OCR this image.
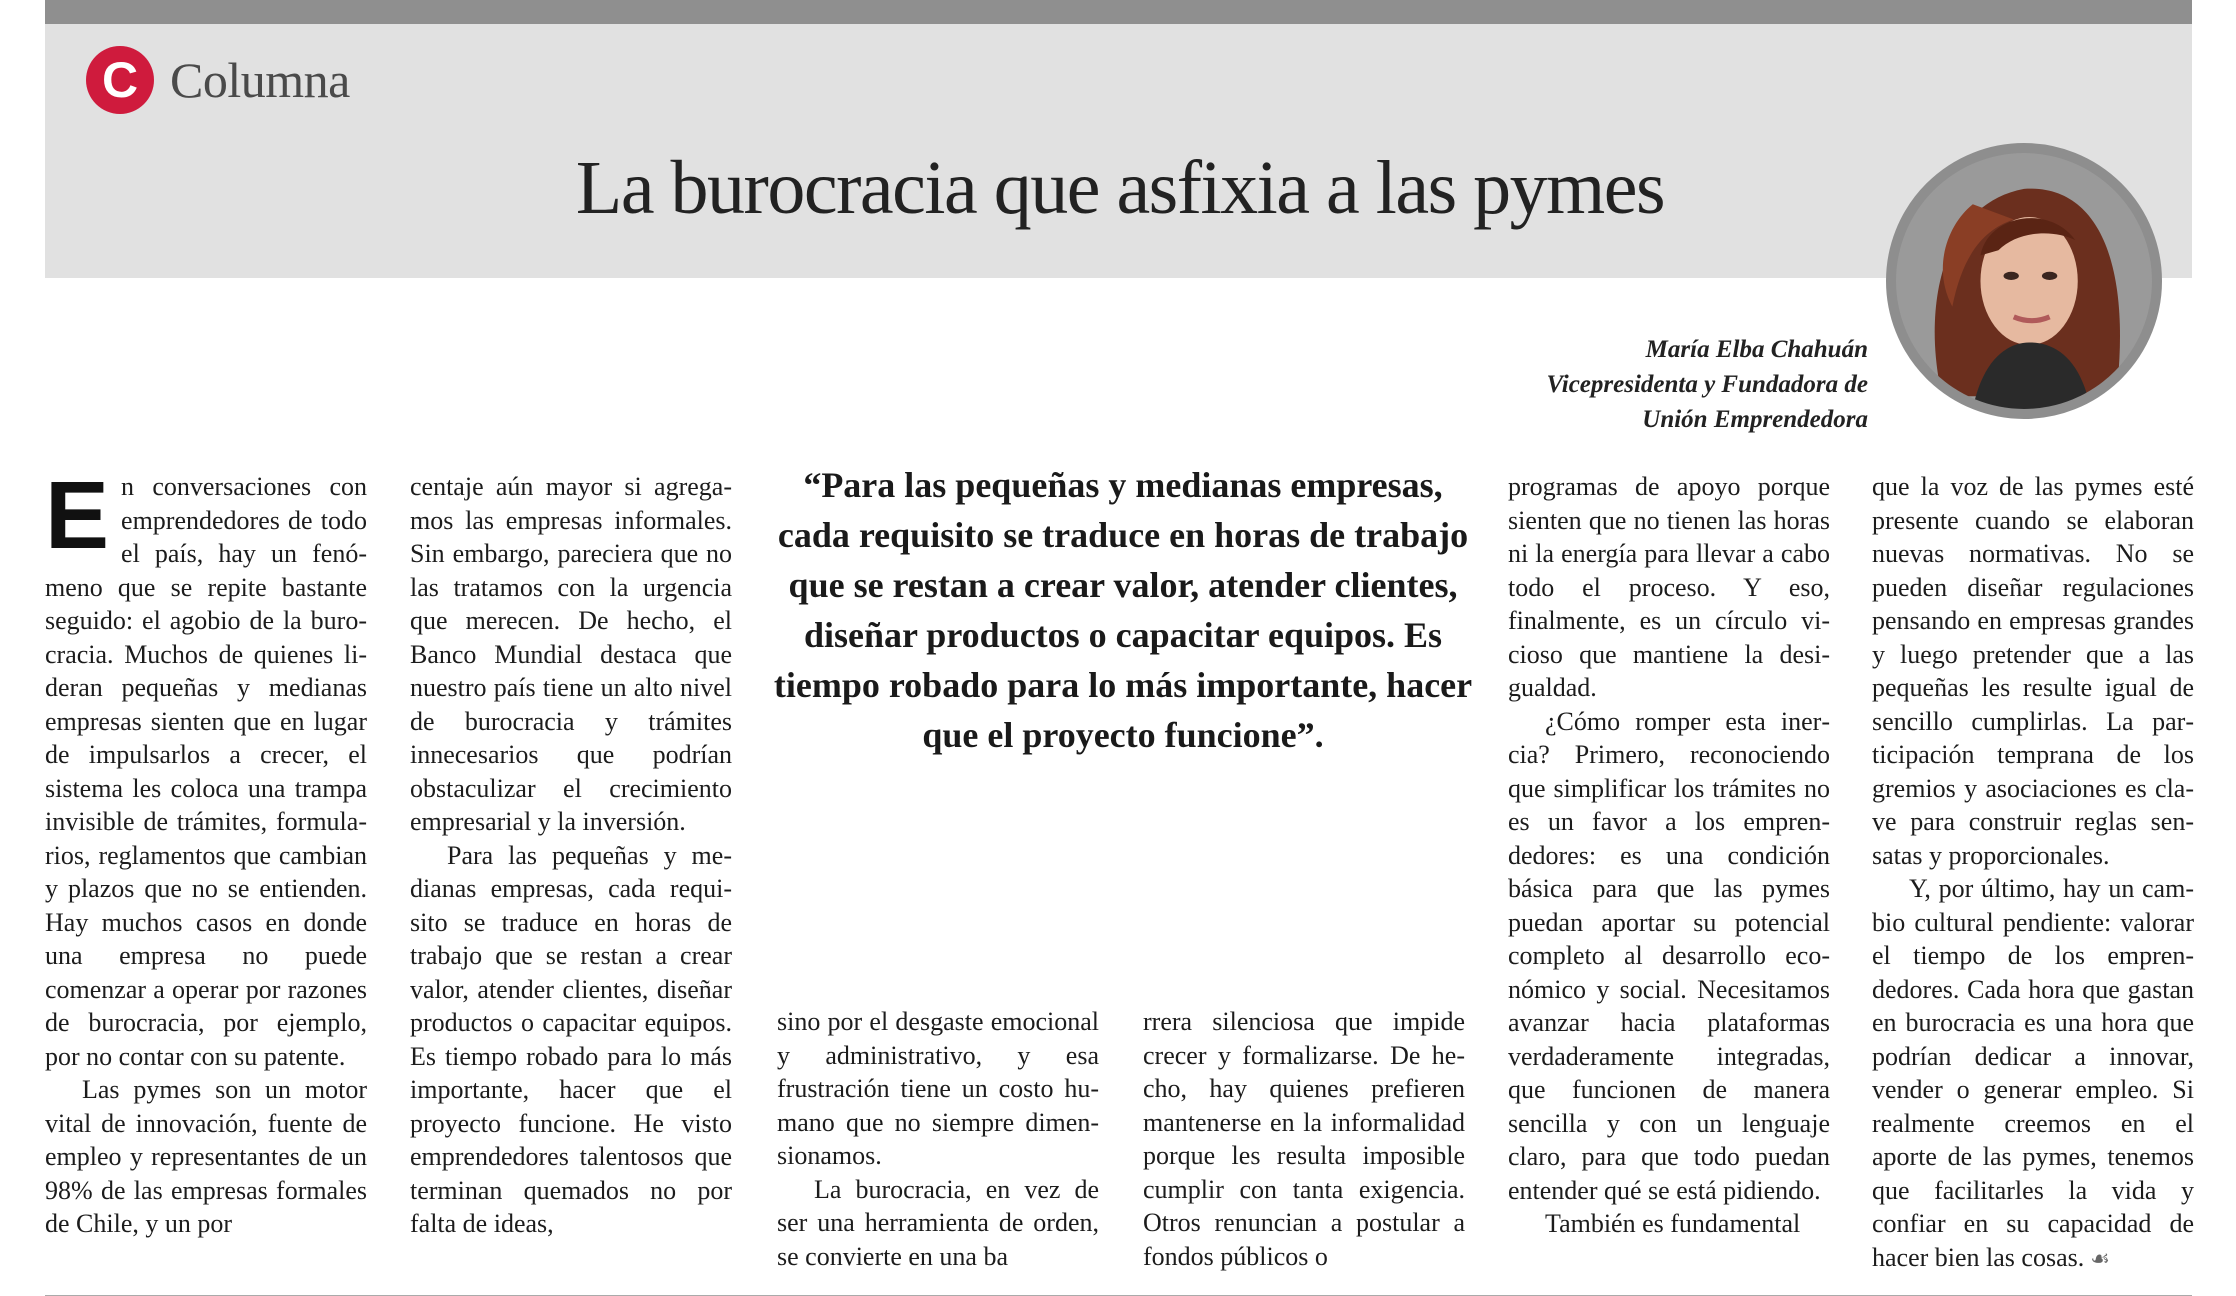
C Columna
La burocracia que asfixia a las pymes
María Elba Chahuán
Vicepresidenta y Fundadora de
Unión Emprendedora

En conversaciones con emprendedores de todo el país, hay un fenómeno que se repite bastante seguido: el agobio de la burocracia. Muchos de quienes lideran pequeñas y medianas empresas sienten que en lugar de impulsarlos a crecer, el sistema les coloca una trampa invisible de trámites, formularios, reglamentos que cambian y plazos que no se entienden. Hay muchos casos en donde una empresa no puede comenzar a operar por razones de burocracia, por ejemplo, por no contar con su patente.

Las pymes son un motor vital de innovación, fuente de empleo y representantes de un 98% de las empresas formales de Chile, y un por

centaje aún mayor si agregamos las empresas informales. Sin embargo, pareciera que no las tratamos con la urgencia que merecen. De hecho, el Banco Mundial destaca que nuestro país tiene un alto nivel de burocracia y trámites innecesarios que podrían obstaculizar el crecimiento empresarial y la inversión.

Para las pequeñas y medianas empresas, cada requisito se traduce en horas de trabajo que se restan a crear valor, atender clientes, diseñar productos o capacitar equipos. Es tiempo robado para lo más importante, hacer que el proyecto funcione. He visto emprendedores talentosos que terminan quemados no por falta de ideas,

“Para las pequeñas y medianas empresas, cada requisito se traduce en horas de trabajo que se restan a crear valor, atender clientes, diseñar productos o capacitar equipos. Es tiempo robado para lo más importante, hacer que el proyecto funcione”.

sino por el desgaste emocional y administrativo, y esa frustración tiene un costo humano que no siempre dimensionamos.

La burocracia, en vez de ser una herramienta de orden, se convierte en una ba

rrera silenciosa que impide crecer y formalizarse. De hecho, hay quienes prefieren mantenerse en la informalidad porque les resulta imposible cumplir con tanta exigencia. Otros renuncian a postular a fondos públicos o

programas de apoyo porque sienten que no tienen las horas ni la energía para llevar a cabo todo el proceso. Y eso, finalmente, es un círculo vicioso que mantiene la desigualdad.

¿Cómo romper esta inercia? Primero, reconociendo que simplificar los trámites no es un favor a los emprendedores: es una condición básica para que las pymes puedan aportar su potencial completo al desarrollo económico y social. Necesitamos avanzar hacia plataformas verdaderamente integradas, que funcionen de manera sencilla y con un lenguaje claro, para que todo puedan entender qué se está pidiendo.

También es fundamental

que la voz de las pymes esté presente cuando se elaboran nuevas normativas. No se pueden diseñar regulaciones pensando en empresas grandes y luego pretender que a las pequeñas les resulte igual de sencillo cumplirlas. La participación temprana de los gremios y asociaciones es clave para construir reglas sensatas y proporcionales.

Y, por último, hay un cambio cultural pendiente: valorar el tiempo de los emprendedores. Cada hora que gastan en burocracia es una hora que podrían dedicar a innovar, vender o generar empleo. Si realmente creemos en el aporte de las pymes, tenemos que facilitarles la vida y confiar en su capacidad de hacer bien las cosas. ☙
